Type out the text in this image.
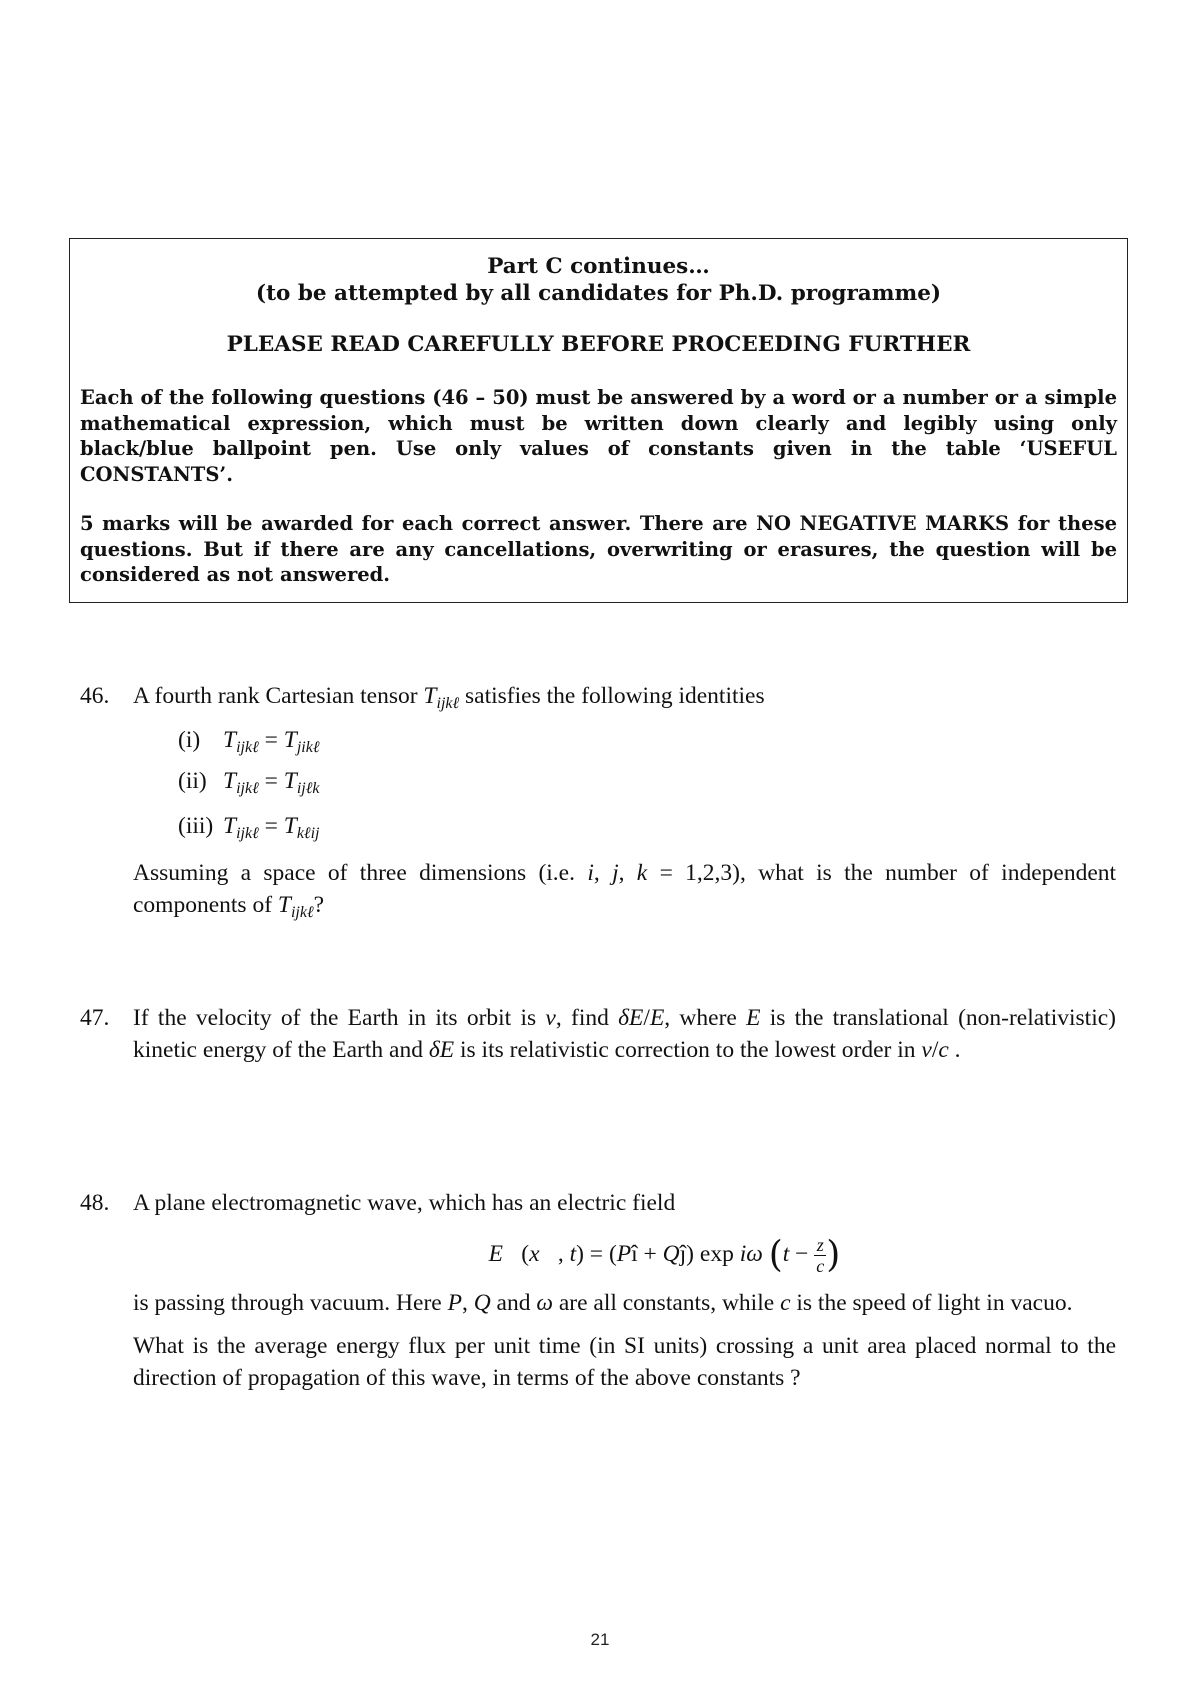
Part C continues…
(to be attempted by all candidates for Ph.D. programme)
PLEASE READ CAREFULLY BEFORE PROCEEDING FURTHER

Each of the following questions (46 – 50) must be answered by a word or a number or a simple mathematical expression, which must be written down clearly and legibly using only black/blue ballpoint pen. Use only values of constants given in the table ‘USEFUL CONSTANTS’.

5 marks will be awarded for each correct answer. There are NO NEGATIVE MARKS for these questions. But if there are any cancellations, overwriting or erasures, the question will be considered as not answered.

46. A fourth rank Cartesian tensor $T_{ijk\ell}$ satisfies the following identities

(i) $T_{ijk\ell} = T_{jik\ell}$
(ii) $T_{ijk\ell} = T_{ij\ell k}$
(iii) $T_{ijk\ell} = T_{k\ell ij}$

Assuming a space of three dimensions (i.e. i, j, k = 1,2,3), what is the number of independent components of $T_{ijk\ell}$?

47. If the velocity of the Earth in its orbit is v, find δE/E, where E is the translational (non-relativistic) kinetic energy of the Earth and δE is its relativistic correction to the lowest order in v/c .

48. A plane electromagnetic wave, which has an electric field

E⃗(x⃗, t) = (Pî + Qĵ) exp iω ($t - \frac{z}{c}$ )

is passing through vacuum. Here P, Q and ω are all constants, while c is the speed of light in vacuo.

What is the average energy flux per unit time (in SI units) crossing a unit area placed normal to the direction of propagation of this wave, in terms of the above constants ?

21
